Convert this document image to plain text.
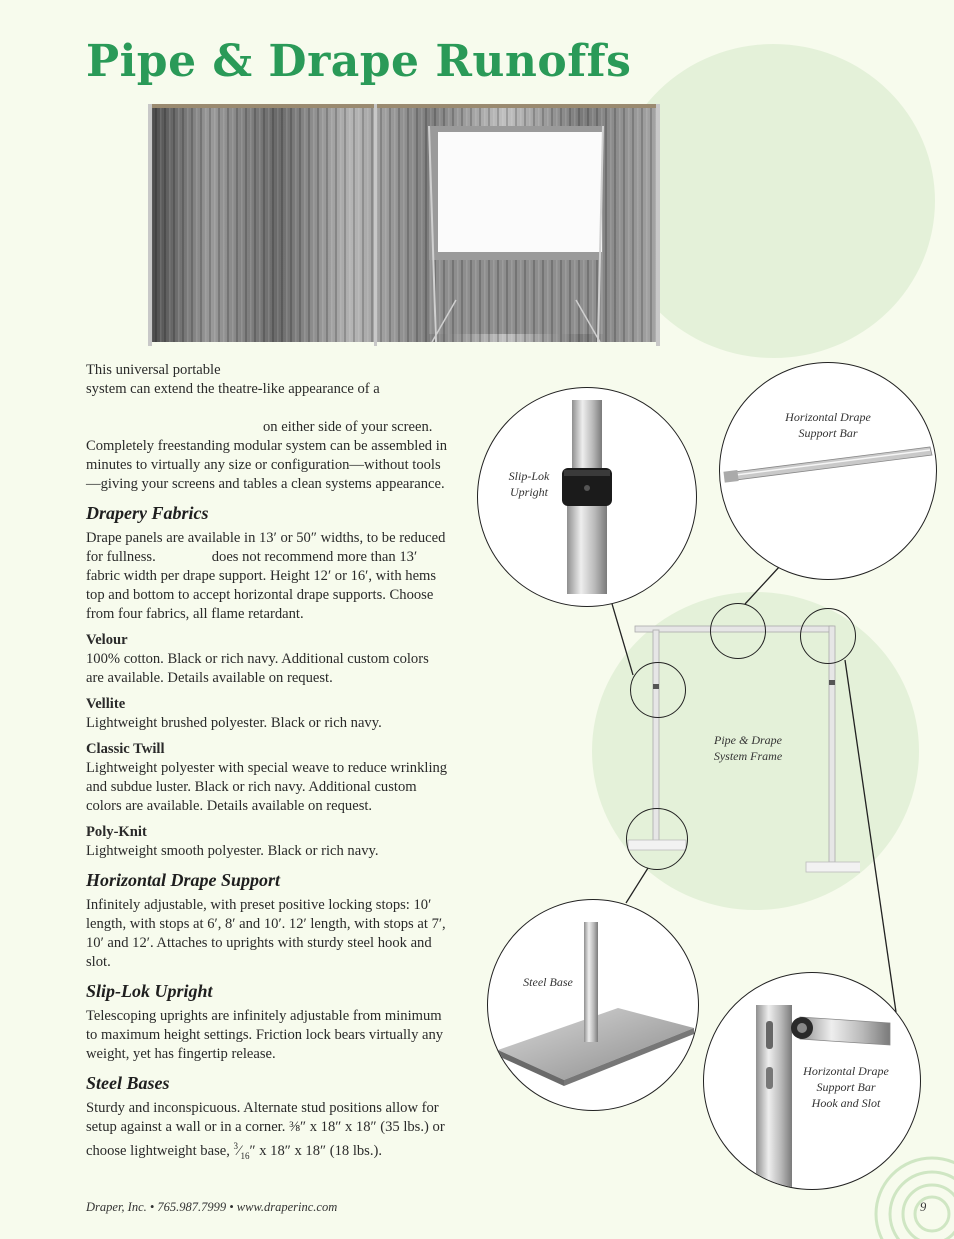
Pipe & Drape Runoffs

This universal portable

system can extend the theatre-like appearance of a

on either side of your screen.

Completely freestanding modular system can be assembled in minutes to virtually any size or configuration—without tools—giving your screens and tables a clean systems appearance.

Drapery Fabrics

Drape panels are available in 13′ or 50″ widths, to be reduced for fullness.	does not recommend more than 13′ fabric width per drape support. Height 12′ or 16′, with hems top and bottom to accept horizontal drape supports. Choose from four fabrics, all flame retardant.

Velour

100% cotton. Black or rich navy. Additional custom colors are available. Details available on request.

Vellite

Lightweight brushed polyester. Black or rich navy.

Classic Twill

Lightweight polyester with special weave to reduce wrinkling and subdue luster. Black or rich navy. Additional custom colors are available. Details available on request.

Poly-Knit

Lightweight smooth polyester. Black or rich navy.

Horizontal Drape Support

Infinitely adjustable, with preset positive locking stops: 10′ length, with stops at 6′, 8′ and 10′. 12′ length, with stops at 7′, 10′ and 12′. Attaches to uprights with sturdy steel hook and slot.

Slip-Lok Upright

Telescoping uprights are infinitely adjustable from minimum to maximum height settings. Friction lock bears virtually any weight, yet has fingertip release.

Steel Bases

Sturdy and inconspicuous. Alternate stud positions allow for setup against a wall or in a corner. ⅜″ x 18″ x 18″ (35 lbs.) or choose lightweight base, $^3⁄_{16}''$ x 18″ x 18″ (18 lbs.).

Pipe & Drape
System Frame
Slip-Lok
Upright
Horizontal Drape
Support Bar
Steel Base
Horizontal Drape
Support Bar
Hook and Slot
Draper, Inc. • 765.987.7999 • www.draperinc.com	9
